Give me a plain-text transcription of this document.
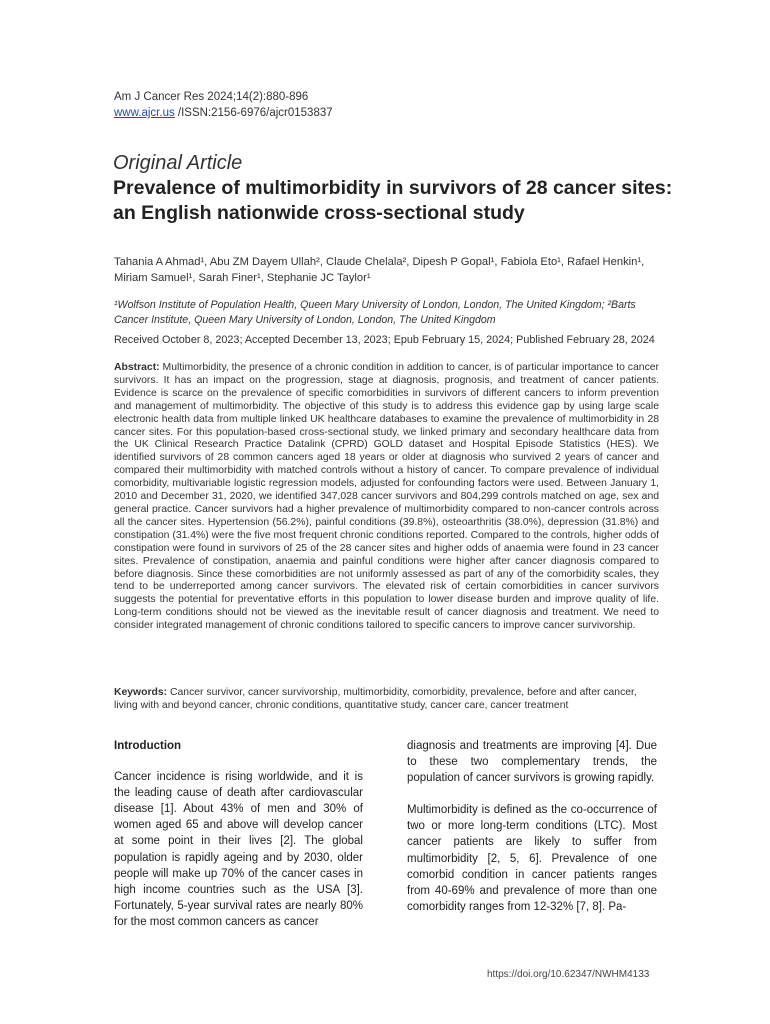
Am J Cancer Res 2024;14(2):880-896
www.ajcr.us /ISSN:2156-6976/ajcr0153837
Original Article
Prevalence of multimorbidity in survivors of 28 cancer sites: an English nationwide cross-sectional study
Tahania A Ahmad¹, Abu ZM Dayem Ullah², Claude Chelala², Dipesh P Gopal¹, Fabiola Eto¹, Rafael Henkin¹, Miriam Samuel¹, Sarah Finer¹, Stephanie JC Taylor¹
¹Wolfson Institute of Population Health, Queen Mary University of London, London, The United Kingdom; ²Barts Cancer Institute, Queen Mary University of London, London, The United Kingdom
Received October 8, 2023; Accepted December 13, 2023; Epub February 15, 2024; Published February 28, 2024
Abstract: Multimorbidity, the presence of a chronic condition in addition to cancer, is of particular importance to cancer survivors. It has an impact on the progression, stage at diagnosis, prognosis, and treatment of cancer patients. Evidence is scarce on the prevalence of specific comorbidities in survivors of different cancers to inform prevention and management of multimorbidity. The objective of this study is to address this evidence gap by using large scale electronic health data from multiple linked UK healthcare databases to examine the prevalence of multimorbidity in 28 cancer sites. For this population-based cross-sectional study, we linked primary and secondary healthcare data from the UK Clinical Research Practice Datalink (CPRD) GOLD dataset and Hospital Episode Statistics (HES). We identified survivors of 28 common cancers aged 18 years or older at diagnosis who survived 2 years of cancer and compared their multimorbidity with matched controls without a history of cancer. To compare prevalence of individual comorbidity, multivariable logistic regression models, adjusted for confounding factors were used. Between January 1, 2010 and December 31, 2020, we identified 347,028 cancer survivors and 804,299 controls matched on age, sex and general practice. Cancer survivors had a higher prevalence of multimorbidity compared to non-cancer controls across all the cancer sites. Hypertension (56.2%), painful conditions (39.8%), osteoarthritis (38.0%), depression (31.8%) and constipation (31.4%) were the five most frequent chronic conditions reported. Compared to the controls, higher odds of constipation were found in survivors of 25 of the 28 cancer sites and higher odds of anaemia were found in 23 cancer sites. Prevalence of constipation, anaemia and painful conditions were higher after cancer diagnosis compared to before diagnosis. Since these comorbidities are not uniformly assessed as part of any of the comorbidity scales, they tend to be underreported among cancer survivors. The elevated risk of certain comorbidities in cancer survivors suggests the potential for preventative efforts in this population to lower disease burden and improve quality of life. Long-term conditions should not be viewed as the inevitable result of cancer diagnosis and treatment. We need to consider integrated management of chronic conditions tailored to specific cancers to improve cancer survivorship.
Keywords: Cancer survivor, cancer survivorship, multimorbidity, comorbidity, prevalence, before and after cancer, living with and beyond cancer, chronic conditions, quantitative study, cancer care, cancer treatment
Introduction

Cancer incidence is rising worldwide, and it is the leading cause of death after cardiovascular disease [1]. About 43% of men and 30% of women aged 65 and above will develop cancer at some point in their lives [2]. The global population is rapidly ageing and by 2030, older people will make up 70% of the cancer cases in high income countries such as the USA [3]. Fortunately, 5-year survival rates are nearly 80% for the most common cancers as cancer

diagnosis and treatments are improving [4]. Due to these two complementary trends, the population of cancer survivors is growing rapidly.

Multimorbidity is defined as the co-occurrence of two or more long-term conditions (LTC). Most cancer patients are likely to suffer from multimorbidity [2, 5, 6]. Prevalence of one comorbid condition in cancer patients ranges from 40-69% and prevalence of more than one comorbidity ranges from 12-32% [7, 8]. Pa-

https://doi.org/10.62347/NWHM4133
